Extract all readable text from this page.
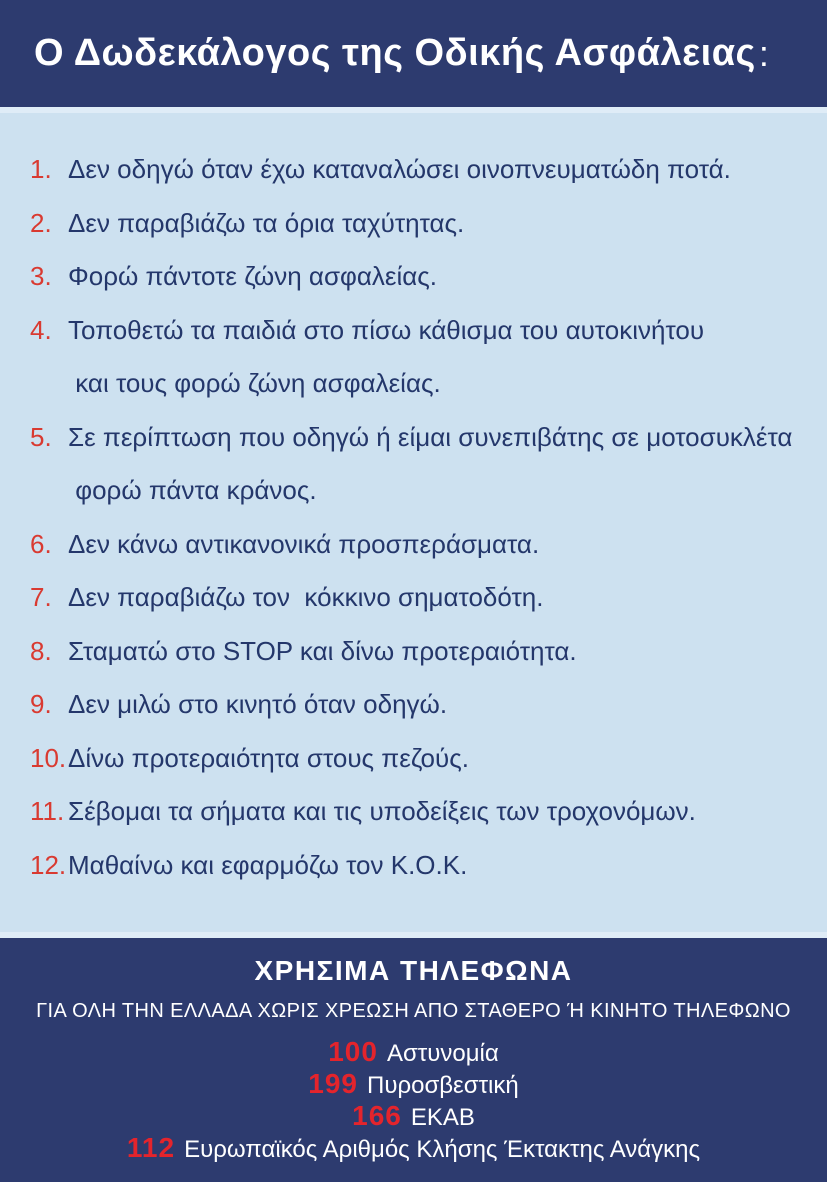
Ο Δωδεκάλογος της Οδικής Ασφάλειας :
1. Δεν οδηγώ όταν έχω καταναλώσει οινοπνευματώδη ποτά.
2. Δεν παραβιάζω τα όρια ταχύτητας.
3. Φορώ πάντοτε ζώνη ασφαλείας.
4. Τοποθετώ τα παιδιά στο πίσω κάθισμα του αυτοκινήτου
και τους φορώ ζώνη ασφαλείας.
5. Σε περίπτωση που οδηγώ ή είμαι συνεπιβάτης σε μοτοσυκλέτα
φορώ πάντα κράνος.
6. Δεν κάνω αντικανονικά προσπεράσματα.
7. Δεν παραβιάζω τον  κόκκινο σηματοδότη.
8. Σταματώ στο STOP και δίνω προτεραιότητα.
9. Δεν μιλώ στο κινητό όταν οδηγώ.
10. Δίνω προτεραιότητα στους πεζούς.
11. Σέβομαι τα σήματα και τις υποδείξεις των τροχονόμων.
12. Μαθαίνω και εφαρμόζω τον Κ.Ο.Κ.
ΧΡΗΣΙΜΑ ΤΗΛΕΦΩΝΑ
ΓΙΑ ΟΛΗ ΤΗΝ ΕΛΛΑΔΑ ΧΩΡΙΣ ΧΡΕΩΣΗ ΑΠΟ ΣΤΑΘΕΡΟ Ή ΚΙΝΗΤΟ ΤΗΛΕΦΩΝΟ
100 Αστυνομία
199 Πυροσβεστική
166 ΕΚΑΒ
112 Ευρωπαϊκός Αριθμός Κλήσης Έκτακτης Ανάγκης
